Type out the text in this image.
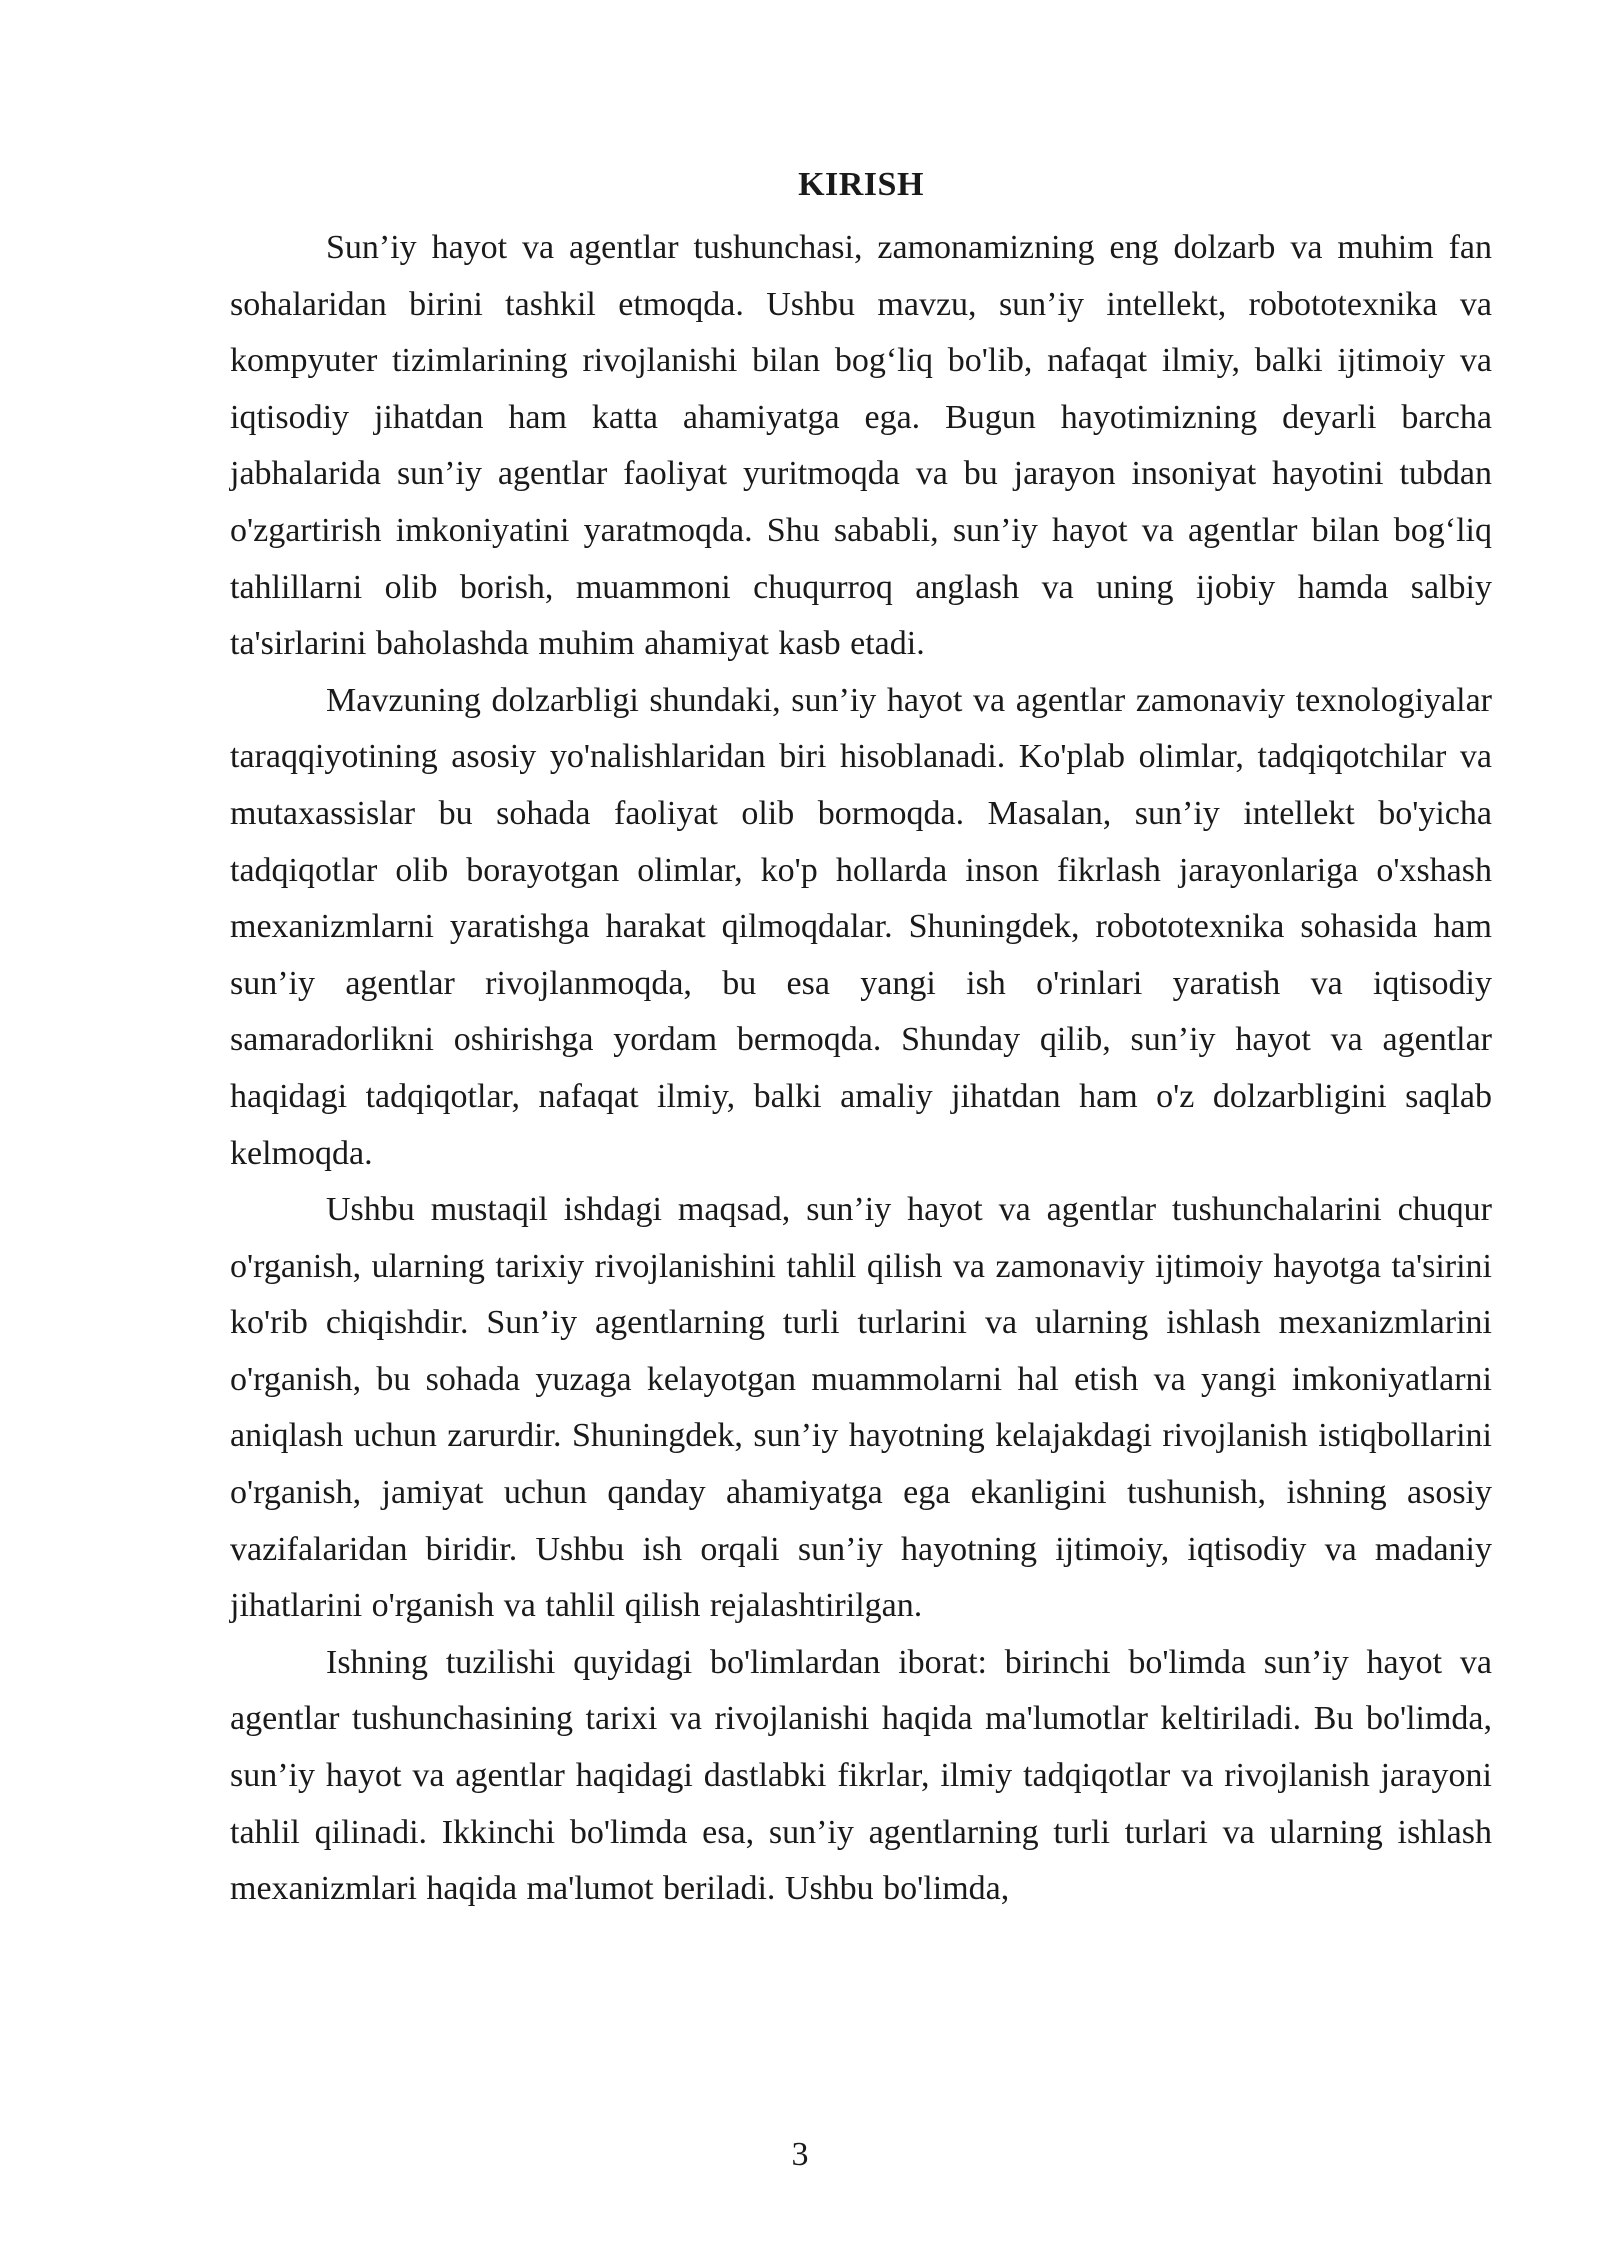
KIRISH

Sun’iy hayot va agentlar tushunchasi, zamonamizning eng dolzarb va muhim fan sohalaridan birini tashkil etmoqda. Ushbu mavzu, sun’iy intellekt, robototexnika va kompyuter tizimlarining rivojlanishi bilan bog‘liq bo'lib, nafaqat ilmiy, balki ijtimoiy va iqtisodiy jihatdan ham katta ahamiyatga ega. Bugun hayotimizning deyarli barcha jabhalarida sun’iy agentlar faoliyat yuritmoqda va bu jarayon insoniyat hayotini tubdan o'zgartirish imkoniyatini yaratmoqda. Shu sababli, sun’iy hayot va agentlar bilan bog‘liq tahlillarni olib borish, muammoni chuqurroq anglash va uning ijobiy hamda salbiy ta'sirlarini baholashda muhim ahamiyat kasb etadi.

Mavzuning dolzarbligi shundaki, sun’iy hayot va agentlar zamonaviy texnologiyalar taraqqiyotining asosiy yo'nalishlaridan biri hisoblanadi. Ko'plab olimlar, tadqiqotchilar va mutaxassislar bu sohada faoliyat olib bormoqda. Masalan, sun’iy intellekt bo'yicha tadqiqotlar olib borayotgan olimlar, ko'p hollarda inson fikrlash jarayonlariga o'xshash mexanizmlarni yaratishga harakat qilmoqdalar. Shuningdek, robototexnika sohasida ham sun’iy agentlar rivojlanmoqda, bu esa yangi ish o'rinlari yaratish va iqtisodiy samaradorlikni oshirishga yordam bermoqda. Shunday qilib, sun’iy hayot va agentlar haqidagi tadqiqotlar, nafaqat ilmiy, balki amaliy jihatdan ham o'z dolzarbligini saqlab kelmoqda.

Ushbu mustaqil ishdagi maqsad, sun’iy hayot va agentlar tushunchalarini chuqur o'rganish, ularning tarixiy rivojlanishini tahlil qilish va zamonaviy ijtimoiy hayotga ta'sirini ko'rib chiqishdir. Sun’iy agentlarning turli turlarini va ularning ishlash mexanizmlarini o'rganish, bu sohada yuzaga kelayotgan muammolarni hal etish va yangi imkoniyatlarni aniqlash uchun zarurdir. Shuningdek, sun’iy hayotning kelajakdagi rivojlanish istiqbollarini o'rganish, jamiyat uchun qanday ahamiyatga ega ekanligini tushunish, ishning asosiy vazifalaridan biridir. Ushbu ish orqali sun’iy hayotning ijtimoiy, iqtisodiy va madaniy jihatlarini o'rganish va tahlil qilish rejalashtirilgan.

Ishning tuzilishi quyidagi bo'limlardan iborat: birinchi bo'limda sun’iy hayot va agentlar tushunchasining tarixi va rivojlanishi haqida ma'lumotlar keltiriladi. Bu bo'limda, sun’iy hayot va agentlar haqidagi dastlabki fikrlar, ilmiy tadqiqotlar va rivojlanish jarayoni tahlil qilinadi. Ikkinchi bo'limda esa, sun’iy agentlarning turli turlari va ularning ishlash mexanizmlari haqida ma'lumot beriladi. Ushbu bo'limda,

3
